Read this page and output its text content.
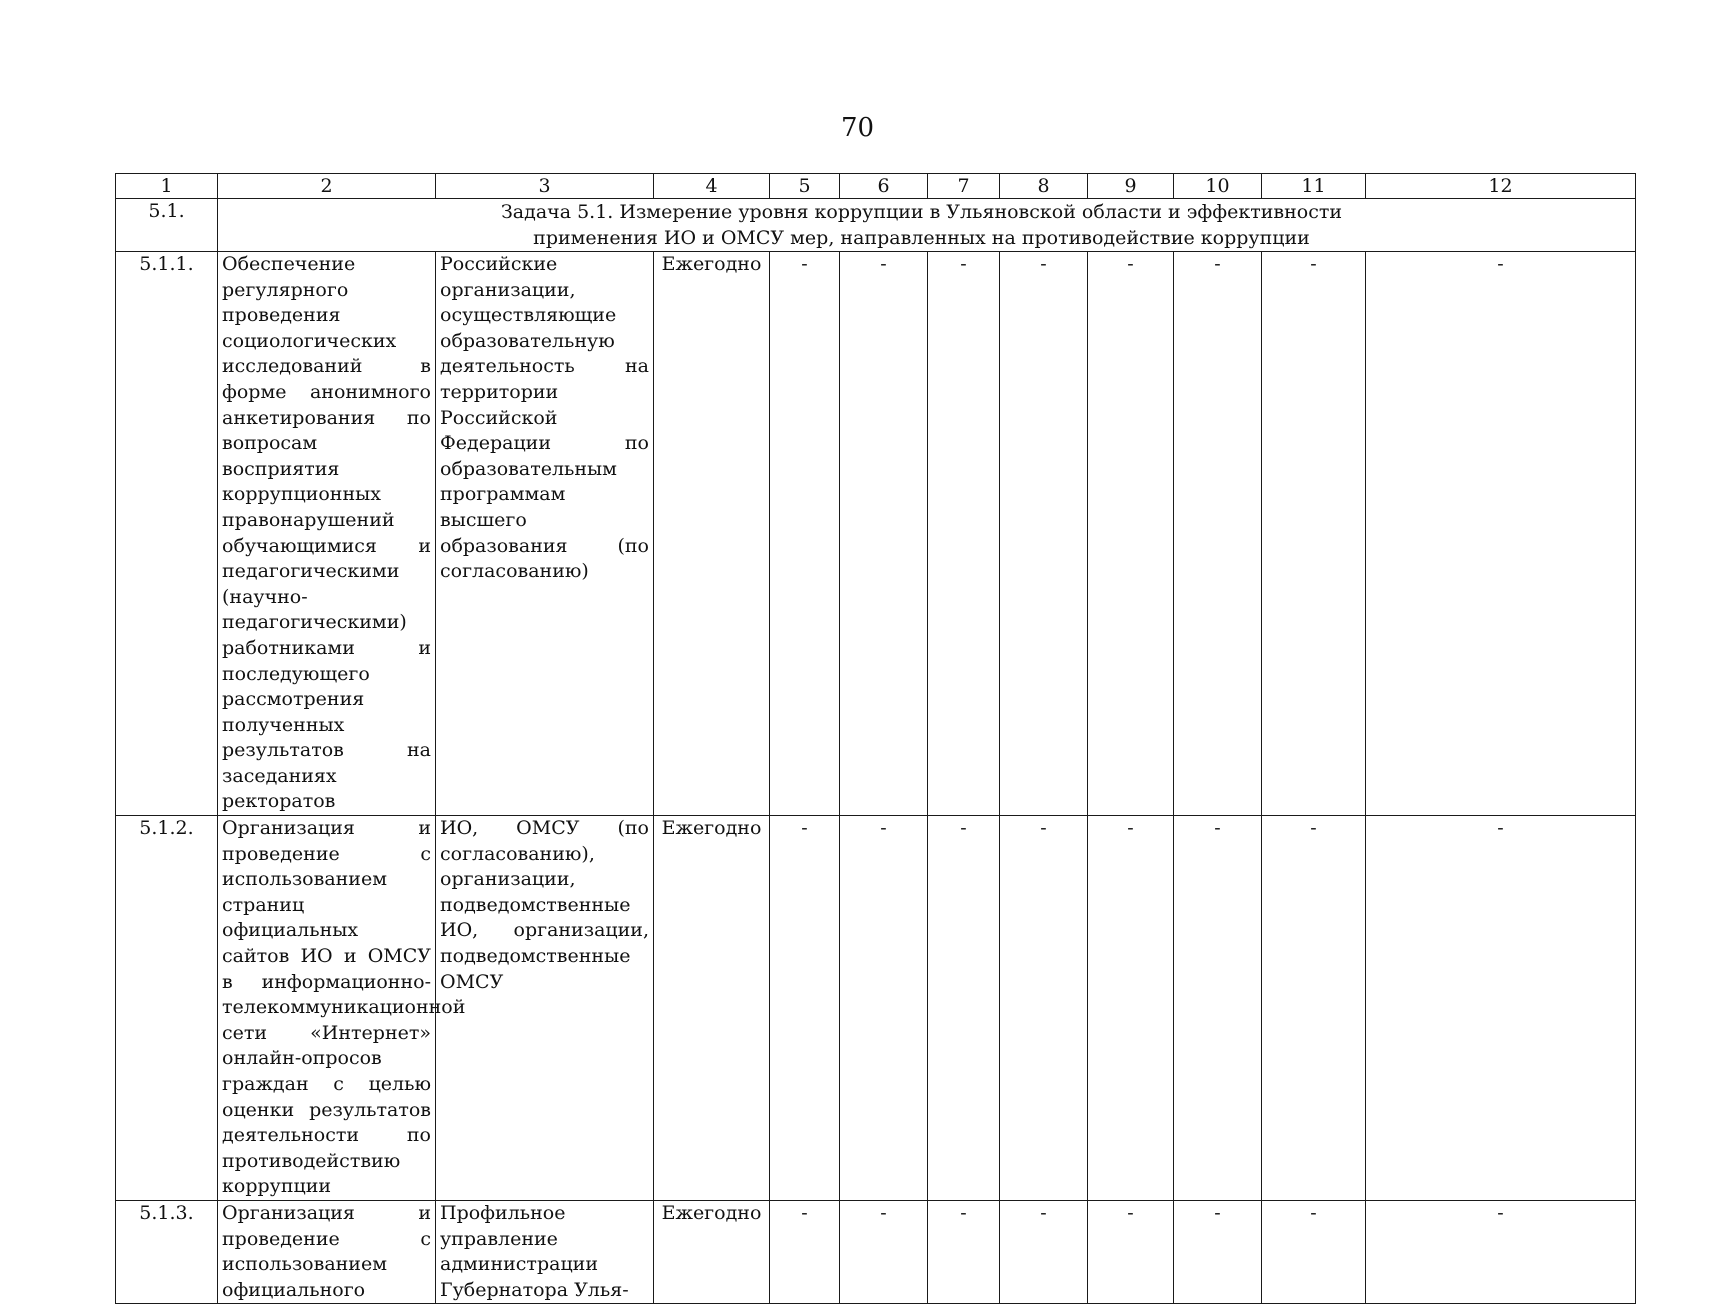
70
1	2	3	4	5	6	7	8	9	10	11	12
5.1.	Задача 5.1. Измерение уровня коррупции в Ульяновской области и эффективности применения ИО и ОМСУ мер, направленных на противодействие коррупции										
5.1.1.	Обеспечение регулярного проведения социологических исследований в форме анонимного анкетирования по вопросам восприятия коррупционных правонарушений обучающимися и педагогическими (научно-педагогическими) работниками и последующего рассмотрения полученных результатов на заседаниях ректоратов	Российские организации, осуществляющие образовательную деятельность на территории Российской Федерации по образовательным программам высшего образования (по согласованию)	Ежегодно	-	-	-	-	-	-	-	-
5.1.2.	Организация и проведение с использованием страниц официальных сайтов ИО и ОМСУ в информационно-телекоммуникационной сети «Интернет» онлайн-опросов граждан с целью оценки результатов деятельности по противодействию коррупции	ИО, ОМСУ (по согласованию), организации, подведомственные ИО, организации, подведомственные ОМСУ	Ежегодно	-	-	-	-	-	-	-	-
5.1.3.	Организация и проведение с использованием официального	Профильное управление администрации Губернатора Улья-	Ежегодно	-	-	-	-	-	-	-	-
